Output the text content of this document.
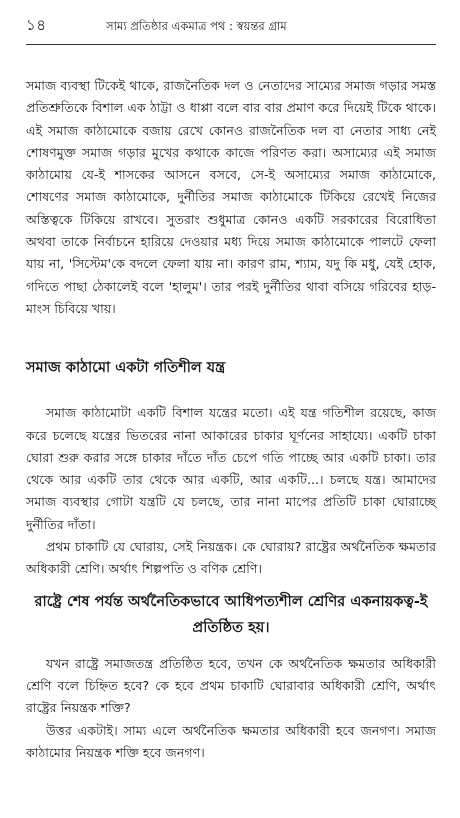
১৪	সাম্য প্রতিষ্ঠার একমাত্র পথ : স্বয়ন্তর গ্রাম

সমাজ ব্যবস্থা টিকেই থাকে, রাজনৈতিক দল ও নেতাদের সাম্যের সমাজ গড়ার সমস্ত প্রতিশ্রুতিকে বিশাল এক ঠাট্টা ও ধাপ্পা বলে বার বার প্রমাণ করে দিয়েই টিকে থাকে। এই সমাজ কাঠামোকে বজায় রেখে কোনও রাজনৈতিক দল বা নেতার সাধ্য নেই শোষণমুক্ত সমাজ গড়ার মুখের কথাকে কাজে পরিণত করা। অসাম্যের এই সমাজ কাঠামোয় যে-ই শাসকের আসনে বসবে, সে-ই অসাম্যের সমাজ কাঠামোকে, শোষণের সমাজ কাঠামোকে, দুর্নীতির সমাজ কাঠামোকে টিকিয়ে রেখেই নিজের অস্তিত্বকে টিকিয়ে রাখবে। সুতরাং শুধুমাত্র কোনও একটি সরকারের বিরোধিতা অথবা তাকে নির্বাচনে হারিয়ে দেওয়ার মধ্য দিয়ে সমাজ কাঠামোকে পালটে ফেলা যায় না, 'সিস্টেম'কে বদলে ফেলা যায় না। কারণ রাম, শ্যাম, যদু কি মধু, যেই হোক, গদিতে পাছা ঠেকালেই বলে 'হালুম'। তার পরই দুর্নীতির থাবা বসিয়ে গরিবের হাড়-মাংস চিবিয়ে খায়।

সমাজ কাঠামো একটা গতিশীল যন্ত্র

সমাজ কাঠামোটা একটি বিশাল যন্ত্রের মতো। এই যন্ত্র গতিশীল রয়েছে, কাজ করে চলেছে যন্ত্রের ভিতরের নানা আকারের চাকার ঘূর্ণনের সাহায্যে। একটি চাকা ঘোরা শুরু করার সঙ্গে চাকার দাঁতে দাঁত চেপে গতি পাচ্ছে আর একটি চাকা। তার থেকে আর একটি তার থেকে আর একটি, আর একটি...। চলছে যন্ত্র। আমাদের সমাজ ব্যবস্থার গোটা যন্ত্রটি যে চলছে, তার নানা মাপের প্রতিটি চাকা ঘোরাচ্ছে দুর্নীতির দাঁতা।

প্রথম চাকাটি যে ঘোরায়, সেই নিয়ন্ত্রক। কে ঘোরায়? রাষ্ট্রের অর্থনৈতিক ক্ষমতার অধিকারী শ্রেণি। অর্থাৎ শিল্পপতি ও বণিক শ্রেণি।

রাষ্ট্রে শেষ পর্যন্ত অর্থনৈতিকভাবে আধিপত্যশীল শ্রেণির একনায়কত্ব-ই প্রতিষ্ঠিত হয়।

যখন রাষ্ট্রে সমাজতন্ত্র প্রতিষ্ঠিত হবে, তখন কে অর্থনৈতিক ক্ষমতার অধিকারী শ্রেণি বলে চিহ্নিত হবে? কে হবে প্রথম চাকাটি ঘোরাবার অধিকারী শ্রেণি, অর্থাৎ রাষ্ট্রের নিয়ন্ত্রক শক্তি?

উত্তর একটাই। সাম্য এলে অর্থনৈতিক ক্ষমতার অধিকারী হবে জনগণ। সমাজ কাঠামোর নিয়ন্ত্রক শক্তি হবে জনগণ।
